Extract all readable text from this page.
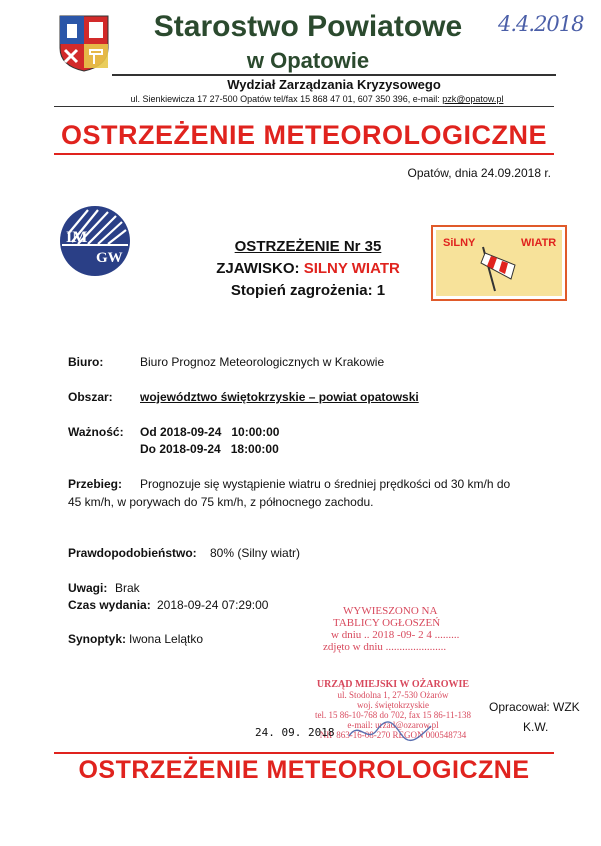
Starostwo Powiatowe
w Opatowie
4.4.2018
Wydział Zarządzania Kryzysowego
ul. Sienkiewicza 17 27-500 Opatów tel/fax 15 868 47 01, 607 350 396, e-mail: pzk@opatow.pl
OSTRZEŻENIE METEOROLOGICZNE
Opatów, dnia 24.09.2018 r.
IM
GW
OSTRZEŻENIE Nr 35
ZJAWISKO: SILNY WIATR
Stopień zagrożenia: 1
SiLNY	WIATR
Biuro:	Biuro Prognoz Meteorologicznych w Krakowie
Obszar: województwo świętokrzyskie – powiat opatowski
Ważność: Od 2018-09-24   10:00:00
Do 2018-09-24   18:00:00
Przebieg: Prognozuje się wystąpienie wiatru o średniej prędkości od 30 km/h do
45 km/h, w porywach do 75 km/h, z północnego zachodu.
Prawdopodobieństwo: 80% (Silny wiatr)
Uwagi: Brak
Czas wydania: 2018-09-24 07:29:00
Synoptyk: Iwona Lelątko
WYWIESZONO NA
TABLICY OGŁOSZEŃ
w dniu .. 2018 -09- 2 4 .........
zdjęto w dniu ......................
URZĄD MIEJSKI W OŻAROWIE
ul. Stodolna 1, 27-530 Ożarów
woj. świętokrzyskie
tel. 15 86-10-768 do 702, fax 15 86-11-138
e-mail: urzad@ozarow.pl
NIP 863-16-08-270 REGON 000548734
24. 09. 2018
Opracował: WZK
K.W.
OSTRZEŻENIE METEOROLOGICZNE
